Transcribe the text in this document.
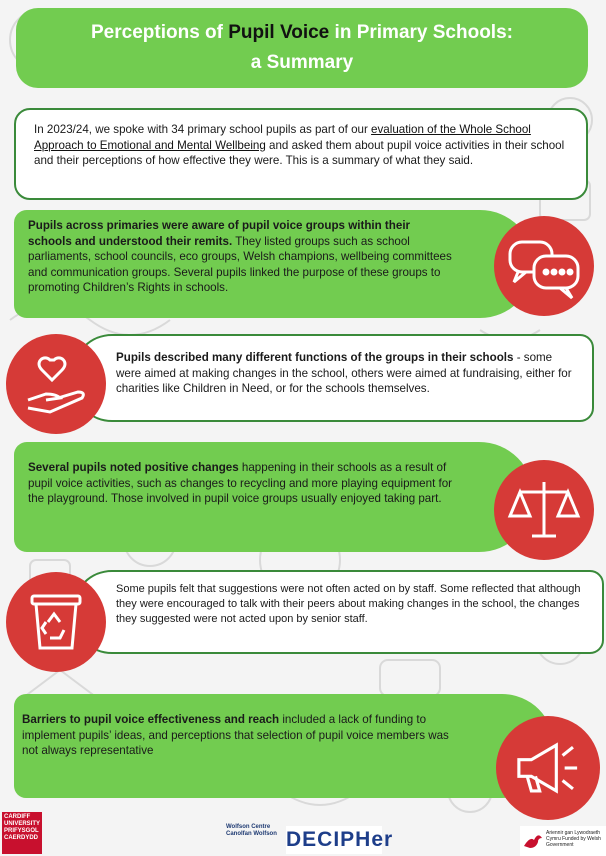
Perceptions of Pupil Voice in Primary Schools:
a Summary
In 2023/24, we spoke with 34 primary school pupils as part of our evaluation of the Whole School Approach to Emotional and Mental Wellbeing and asked them about pupil voice activities in their school and their perceptions of how effective they were. This is a summary of what they said.
Pupils across primaries were aware of pupil voice groups within their schools and understood their remits. They listed groups such as school parliaments, school councils, eco groups, Welsh champions, wellbeing committees and communication groups. Several pupils linked the purpose of these groups to promoting Children’s Rights in schools.
Pupils described many different functions of the groups in their schools - some were aimed at making changes in the school, others were aimed at fundraising, either for charities like Children in Need, or for the schools themselves.
Several pupils noted positive changes happening in their schools as a result of pupil voice activities, such as changes to recycling and more playing equipment for the playground. Those involved in pupil voice groups usually enjoyed taking part.
Some pupils felt that suggestions were not often acted on by staff. Some reflected that although they were encouraged to talk with their peers about making changes in the school, the changes they suggested were not acted upon by senior staff.
Barriers to pupil voice effectiveness and reach included a lack of funding to implement pupils’ ideas, and perceptions that selection of pupil voice members was not always representative
CARDIFF UNIVERSITY PRIFYSGOL CAERDYDD
Wolfson Centre Canolfan Wolfson DECIPHer	Ariennir gan Lywodraeth Cymru Funded by Welsh Government
